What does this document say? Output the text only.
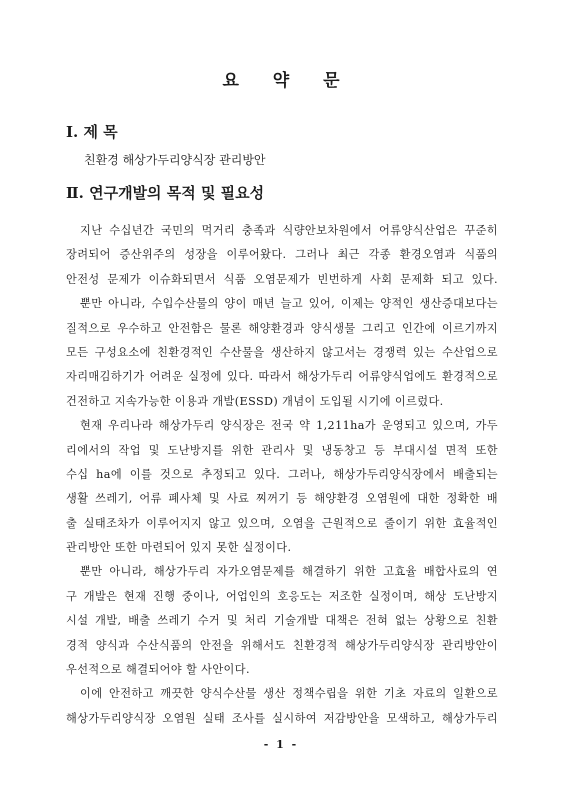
요 약 문
Ⅰ. 제 목
친환경 해상가두리양식장 관리방안
Ⅱ. 연구개발의 목적 및 필요성
지난 수십년간 국민의 먹거리 충족과 식량안보차원에서 어류양식산업은 꾸준히
장려되어 증산위주의 성장을 이루어왔다. 그러나 최근 각종 환경오염과 식품의
안전성 문제가 이슈화되면서 식품 오염문제가 빈번하게 사회 문제화 되고 있다.
뿐만 아니라, 수입수산물의 양이 매년 늘고 있어, 이제는 양적인 생산증대보다는
질적으로 우수하고 안전함은 물론 해양환경과 양식생물 그리고 인간에 이르기까지
모든 구성요소에 친환경적인 수산물을 생산하지 않고서는 경쟁력 있는 수산업으로
자리매김하기가 어려운 실정에 있다. 따라서 해상가두리 어류양식업에도 환경적으로
건전하고 지속가능한 이용과 개발(ESSD) 개념이 도입될 시기에 이르렀다.
현재 우리나라 해상가두리 양식장은 전국 약 1,211ha가 운영되고 있으며, 가두
리에서의 작업 및 도난방지를 위한 관리사 및 냉동창고 등 부대시설 면적 또한
수십 ha에 이를 것으로 추정되고 있다. 그러나, 해상가두리양식장에서 배출되는
생활 쓰레기, 어류 폐사체 및 사료 찌꺼기 등 해양환경 오염원에 대한 정확한 배
출 실태조차가 이루어지지 않고 있으며, 오염을 근원적으로 줄이기 위한 효율적인
관리방안 또한 마련되어 있지 못한 실정이다.
뿐만 아니라, 해상가두리 자가오염문제를 해결하기 위한 고효율 배합사료의 연
구 개발은 현재 진행 중이나, 어업인의 호응도는 저조한 실정이며, 해상 도난방지
시설 개발, 배출 쓰레기 수거 및 처리 기술개발 대책은 전혀 없는 상황으로 친환
경적 양식과 수산식품의 안전을 위해서도 친환경적 해상가두리양식장 관리방안이
우선적으로 해결되어야 할 사안이다.
이에 안전하고 깨끗한 양식수산물 생산 정책수립을 위한 기초 자료의 일환으로
해상가두리양식장 오염원 실태 조사를 실시하여 저감방안을 모색하고, 해상가두리
- 1 -
